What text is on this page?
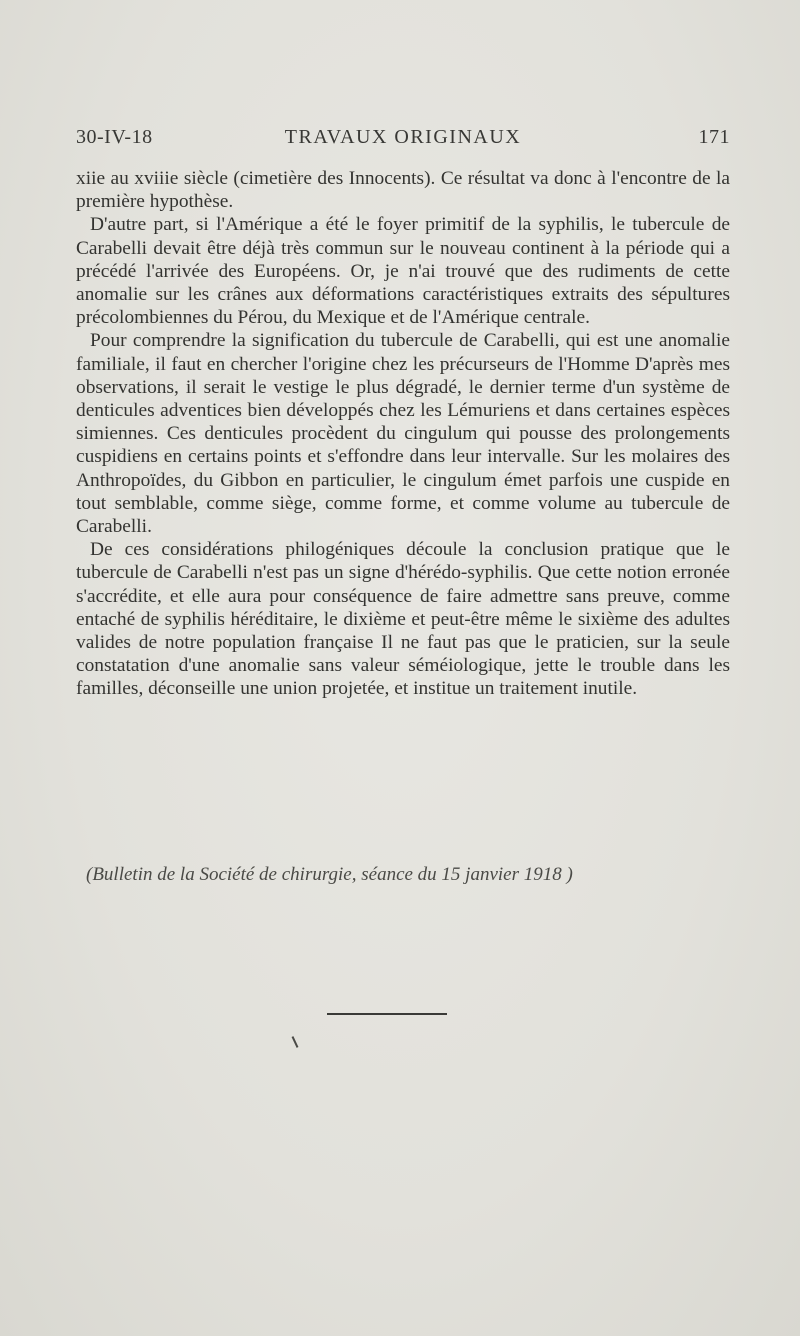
30-IV-18	TRAVAUX ORIGINAUX	171

xiie au xviiie siècle (cimetière des Innocents). Ce résultat va donc à l'encontre de la première hypothèse.

D'autre part, si l'Amérique a été le foyer primitif de la syphilis, le tubercule de Carabelli devait être déjà très commun sur le nouveau continent à la période qui a précédé l'arrivée des Européens. Or, je n'ai trouvé que des rudiments de cette anomalie sur les crânes aux déformations caractéristiques extraits des sépultures précolombiennes du Pérou, du Mexique et de l'Amérique centrale.

Pour comprendre la signification du tubercule de Carabelli, qui est une anomalie familiale, il faut en chercher l'origine chez les précurseurs de l'Homme D'après mes observations, il serait le vestige le plus dégradé, le dernier terme d'un système de denticules adventices bien développés chez les Lémuriens et dans certaines espèces simiennes. Ces denticules procèdent du cingulum qui pousse des prolongements cuspidiens en certains points et s'effondre dans leur intervalle. Sur les molaires des Anthropoïdes, du Gibbon en particulier, le cingulum émet parfois une cuspide en tout semblable, comme siège, comme forme, et comme volume au tubercule de Carabelli.

De ces considérations philogéniques découle la conclusion pratique que le tubercule de Carabelli n'est pas un signe d'hérédo-syphilis. Que cette notion erronée s'accrédite, et elle aura pour conséquence de faire admettre sans preuve, comme entaché de syphilis héréditaire, le dixième et peut-être même le sixième des adultes valides de notre population française Il ne faut pas que le praticien, sur la seule constatation d'une anomalie sans valeur séméiologique, jette le trouble dans les familles, déconseille une union projetée, et institue un traitement inutile.

(Bulletin de la Société de chirurgie, séance du 15 janvier 1918 )
